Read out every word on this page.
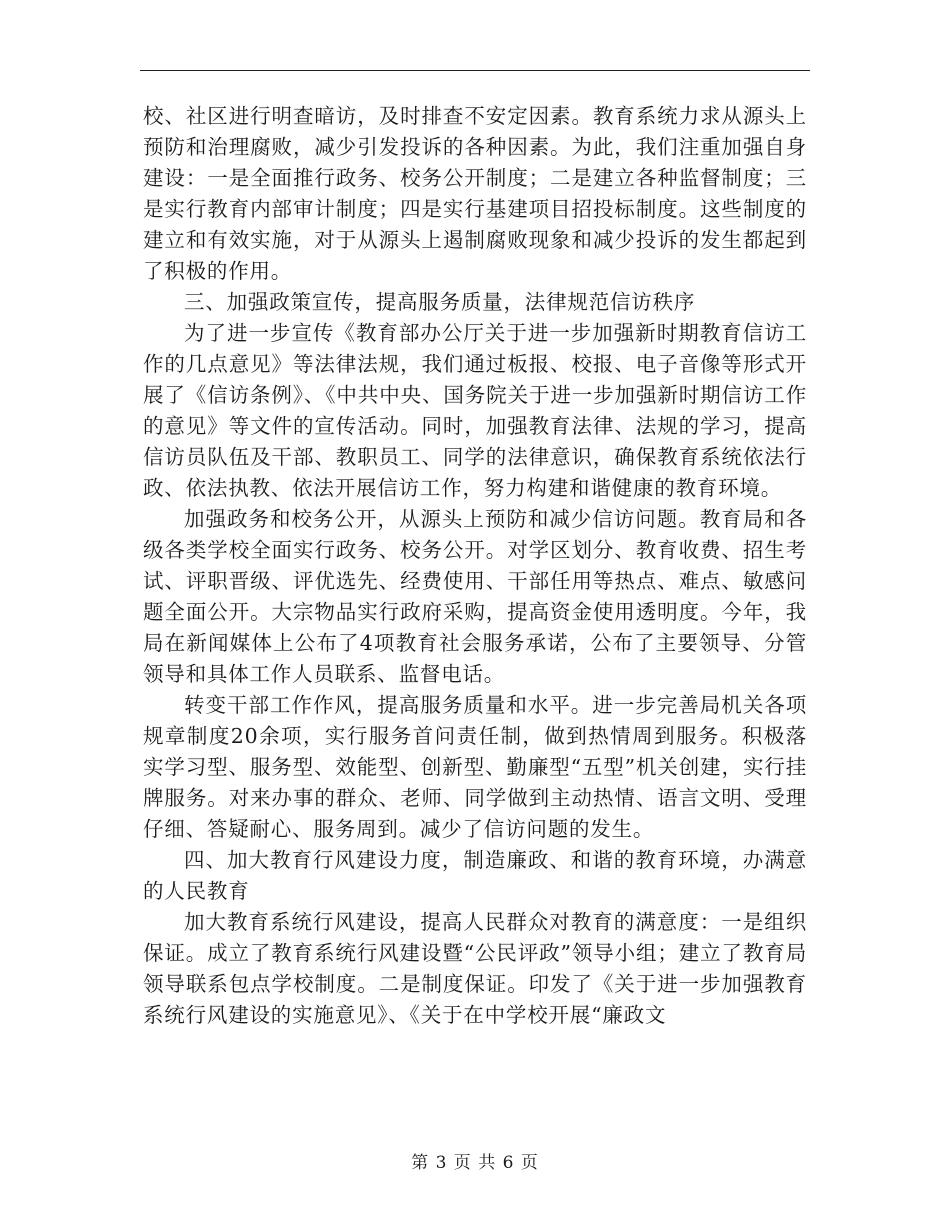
校、社区进行明查暗访，及时排查不安定因素。教育系统力求从源头上预防和治理腐败，减少引发投诉的各种因素。为此，我们注重加强自身建设：一是全面推行政务、校务公开制度；二是建立各种监督制度；三是实行教育内部审计制度；四是实行基建项目招投标制度。这些制度的建立和有效实施，对于从源头上遏制腐败现象和减少投诉的发生都起到了积极的作用。

三、加强政策宣传，提高服务质量，法律规范信访秩序

为了进一步宣传《教育部办公厅关于进一步加强新时期教育信访工作的几点意见》等法律法规，我们通过板报、校报、电子音像等形式开展了《信访条例》、《中共中央、国务院关于进一步加强新时期信访工作的意见》等文件的宣传活动。同时，加强教育法律、法规的学习，提高信访员队伍及干部、教职员工、同学的法律意识，确保教育系统依法行政、依法执教、依法开展信访工作，努力构建和谐健康的教育环境。

加强政务和校务公开，从源头上预防和减少信访问题。教育局和各级各类学校全面实行政务、校务公开。对学区划分、教育收费、招生考试、评职晋级、评优选先、经费使用、干部任用等热点、难点、敏感问题全面公开。大宗物品实行政府采购，提高资金使用透明度。今年，我局在新闻媒体上公布了4项教育社会服务承诺，公布了主要领导、分管领导和具体工作人员联系、监督电话。

转变干部工作作风，提高服务质量和水平。进一步完善局机关各项规章制度20余项，实行服务首问责任制，做到热情周到服务。积极落实学习型、服务型、效能型、创新型、勤廉型“五型”机关创建，实行挂牌服务。对来办事的群众、老师、同学做到主动热情、语言文明、受理仔细、答疑耐心、服务周到。减少了信访问题的发生。

四、加大教育行风建设力度，制造廉政、和谐的教育环境，办满意的人民教育

加大教育系统行风建设，提高人民群众对教育的满意度：一是组织保证。成立了教育系统行风建设暨“公民评政”领导小组；建立了教育局领导联系包点学校制度。二是制度保证。印发了《关于进一步加强教育系统行风建设的实施意见》、《关于在中学校开展“廉政文

第 3 页 共 6 页
